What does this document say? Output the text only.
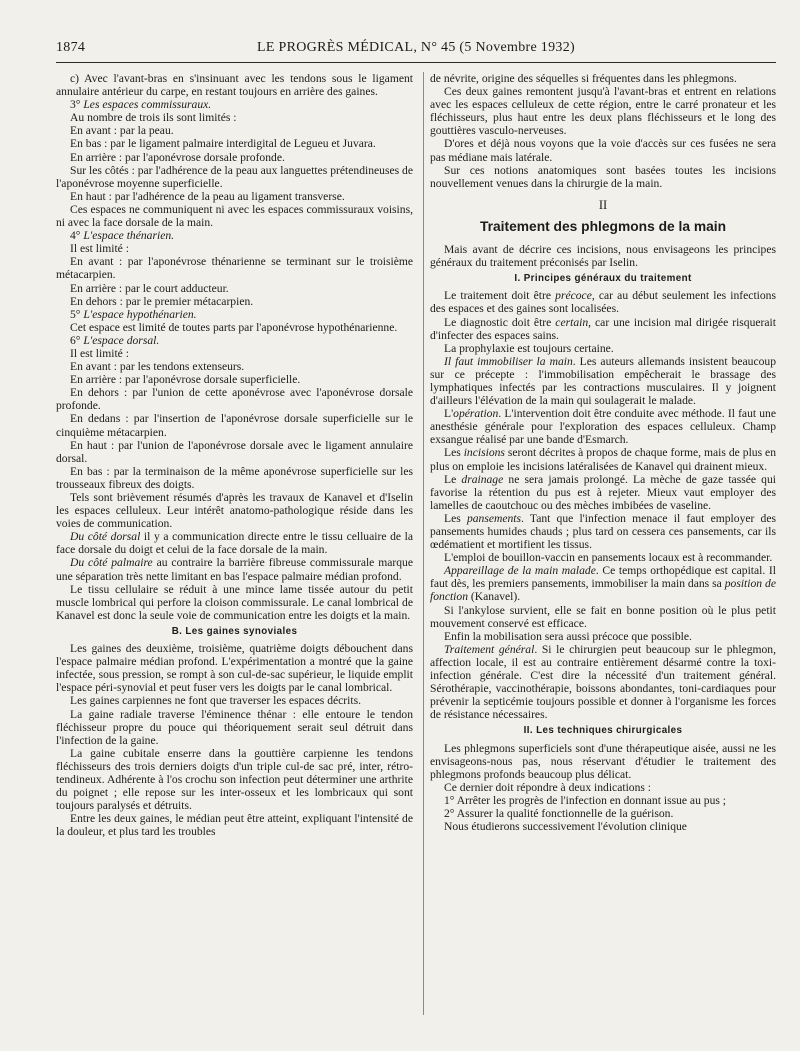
1874	LE PROGRÈS MÉDICAL, N° 45 (5 Novembre 1932)

c) Avec l'avant-bras en s'insinuant avec les tendons sous le ligament annulaire antérieur du carpe, en restant toujours en arrière des gaines.

3° Les espaces commissuraux.

Au nombre de trois ils sont limités :

En avant : par la peau.

En bas : par le ligament palmaire interdigital de Legueu et Juvara.

En arrière : par l'aponévrose dorsale profonde.

Sur les côtés : par l'adhérence de la peau aux languettes prétendineuses de l'aponévrose moyenne superficielle.

En haut : par l'adhérence de la peau au ligament transverse.

Ces espaces ne communiquent ni avec les espaces commissuraux voisins, ni avec la face dorsale de la main.

4° L'espace thénarien.

Il est limité :

En avant : par l'aponévrose thénarienne se terminant sur le troisième métacarpien.

En arrière : par le court adducteur.

En dehors : par le premier métacarpien.

5° L'espace hypothénarien.

Cet espace est limité de toutes parts par l'aponévrose hypothénarienne.

6° L'espace dorsal.

Il est limité :

En avant : par les tendons extenseurs.

En arrière : par l'aponévrose dorsale superficielle.

En dehors : par l'union de cette aponévrose avec l'aponévrose dorsale profonde.

En dedans : par l'insertion de l'aponévrose dorsale superficielle sur le cinquième métacarpien.

En haut : par l'union de l'aponévrose dorsale avec le ligament annulaire dorsal.

En bas : par la terminaison de la même aponévrose superficielle sur les trousseaux fibreux des doigts.

Tels sont brièvement résumés d'après les travaux de Kanavel et d'Iselin les espaces celluleux. Leur intérêt anatomo-pathologique réside dans les voies de communication.

Du côté dorsal il y a communication directe entre le tissu celluaire de la face dorsale du doigt et celui de la face dorsale de la main.

Du côté palmaire au contraire la barrière fibreuse commissurale marque une séparation très nette limitant en bas l'espace palmaire médian profond.

Le tissu cellulaire se réduit à une mince lame tissée autour du petit muscle lombrical qui perfore la cloison commissurale. Le canal lombrical de Kanavel est donc la seule voie de communication entre les doigts et la main.

B. Les gaines synoviales

Les gaines des deuxième, troisième, quatrième doigts débouchent dans l'espace palmaire médian profond. L'expérimentation a montré que la gaine infectée, sous pression, se rompt à son cul-de-sac supérieur, le liquide emplit l'espace péri-synovial et peut fuser vers les doigts par le canal lombrical.

Les gaines carpiennes ne font que traverser les espaces décrits.

La gaine radiale traverse l'éminence thénar : elle entoure le tendon fléchisseur propre du pouce qui théoriquement serait seul détruit dans l'infection de la gaine.

La gaine cubitale enserre dans la gouttière carpienne les tendons fléchisseurs des trois derniers doigts d'un triple cul-de sac pré, inter, rétro-tendineux. Adhérente à l'os crochu son infection peut déterminer une arthrite du poignet ; elle repose sur les inter-osseux et les lombricaux qui sont toujours paralysés et détruits.

Entre les deux gaines, le médian peut être atteint, expliquant l'intensité de la douleur, et plus tard les troubles

de névrite, origine des séquelles si fréquentes dans les phlegmons.

Ces deux gaines remontent jusqu'à l'avant-bras et entrent en relations avec les espaces celluleux de cette région, entre le carré pronateur et les fléchisseurs, plus haut entre les deux plans fléchisseurs et le long des gouttières vasculo-nerveuses.

D'ores et déjà nous voyons que la voie d'accès sur ces fusées ne sera pas médiane mais latérale.

Sur ces notions anatomiques sont basées toutes les incisions nouvellement venues dans la chirurgie de la main.

II
Traitement des phlegmons de la main

Mais avant de décrire ces incisions, nous envisageons les principes généraux du traitement préconisés par Iselin.

I. Principes généraux du traitement

Le traitement doit être précoce, car au début seulement les infections des espaces et des gaines sont localisées.

Le diagnostic doit être certain, car une incision mal dirigée risquerait d'infecter des espaces sains.

La prophylaxie est toujours certaine.

Il faut immobiliser la main. Les auteurs allemands insistent beaucoup sur ce précepte : l'immobilisation empêcherait le brassage des lymphatiques infectés par les contractions musculaires. Il y joignent d'ailleurs l'élévation de la main qui soulagerait le malade.

L'opération. L'intervention doit être conduite avec méthode. Il faut une anesthésie générale pour l'exploration des espaces celluleux. Champ exsangue réalisé par une bande d'Esmarch.

Les incisions seront décrites à propos de chaque forme, mais de plus en plus on emploie les incisions latéralisées de Kanavel qui drainent mieux.

Le drainage ne sera jamais prolongé. La mèche de gaze tassée qui favorise la rétention du pus est à rejeter. Mieux vaut employer des lamelles de caoutchouc ou des mèches imbibées de vaseline.

Les pansements. Tant que l'infection menace il faut employer des pansements humides chauds ; plus tard on cessera ces pansements, car ils œdématient et mortifient les tissus.

L'emploi de bouillon-vaccin en pansements locaux est à recommander.

Appareillage de la main malade. Ce temps orthopédique est capital. Il faut dès, les premiers pansements, immobiliser la main dans sa position de fonction (Kanavel).

Si l'ankylose survient, elle se fait en bonne position où le plus petit mouvement conservé est efficace.

Enfin la mobilisation sera aussi précoce que possible.

Traitement général. Si le chirurgien peut beaucoup sur le phlegmon, affection locale, il est au contraire entièrement désarmé contre la toxi-infection générale. C'est dire la nécessité d'un traitement général. Sérothérapie, vaccinothérapie, boissons abondantes, toni-cardiaques pour prévenir la septicémie toujours possible et donner à l'organisme les forces de résistance nécessaires.

II. Les techniques chirurgicales

Les phlegmons superficiels sont d'une thérapeutique aisée, aussi ne les envisageons-nous pas, nous réservant d'étudier le traitement des phlegmons profonds beaucoup plus délicat.

Ce dernier doit répondre à deux indications :

1° Arrêter les progrès de l'infection en donnant issue au pus ;

2° Assurer la qualité fonctionnelle de la guérison.

Nous étudierons successivement l'évolution clinique
